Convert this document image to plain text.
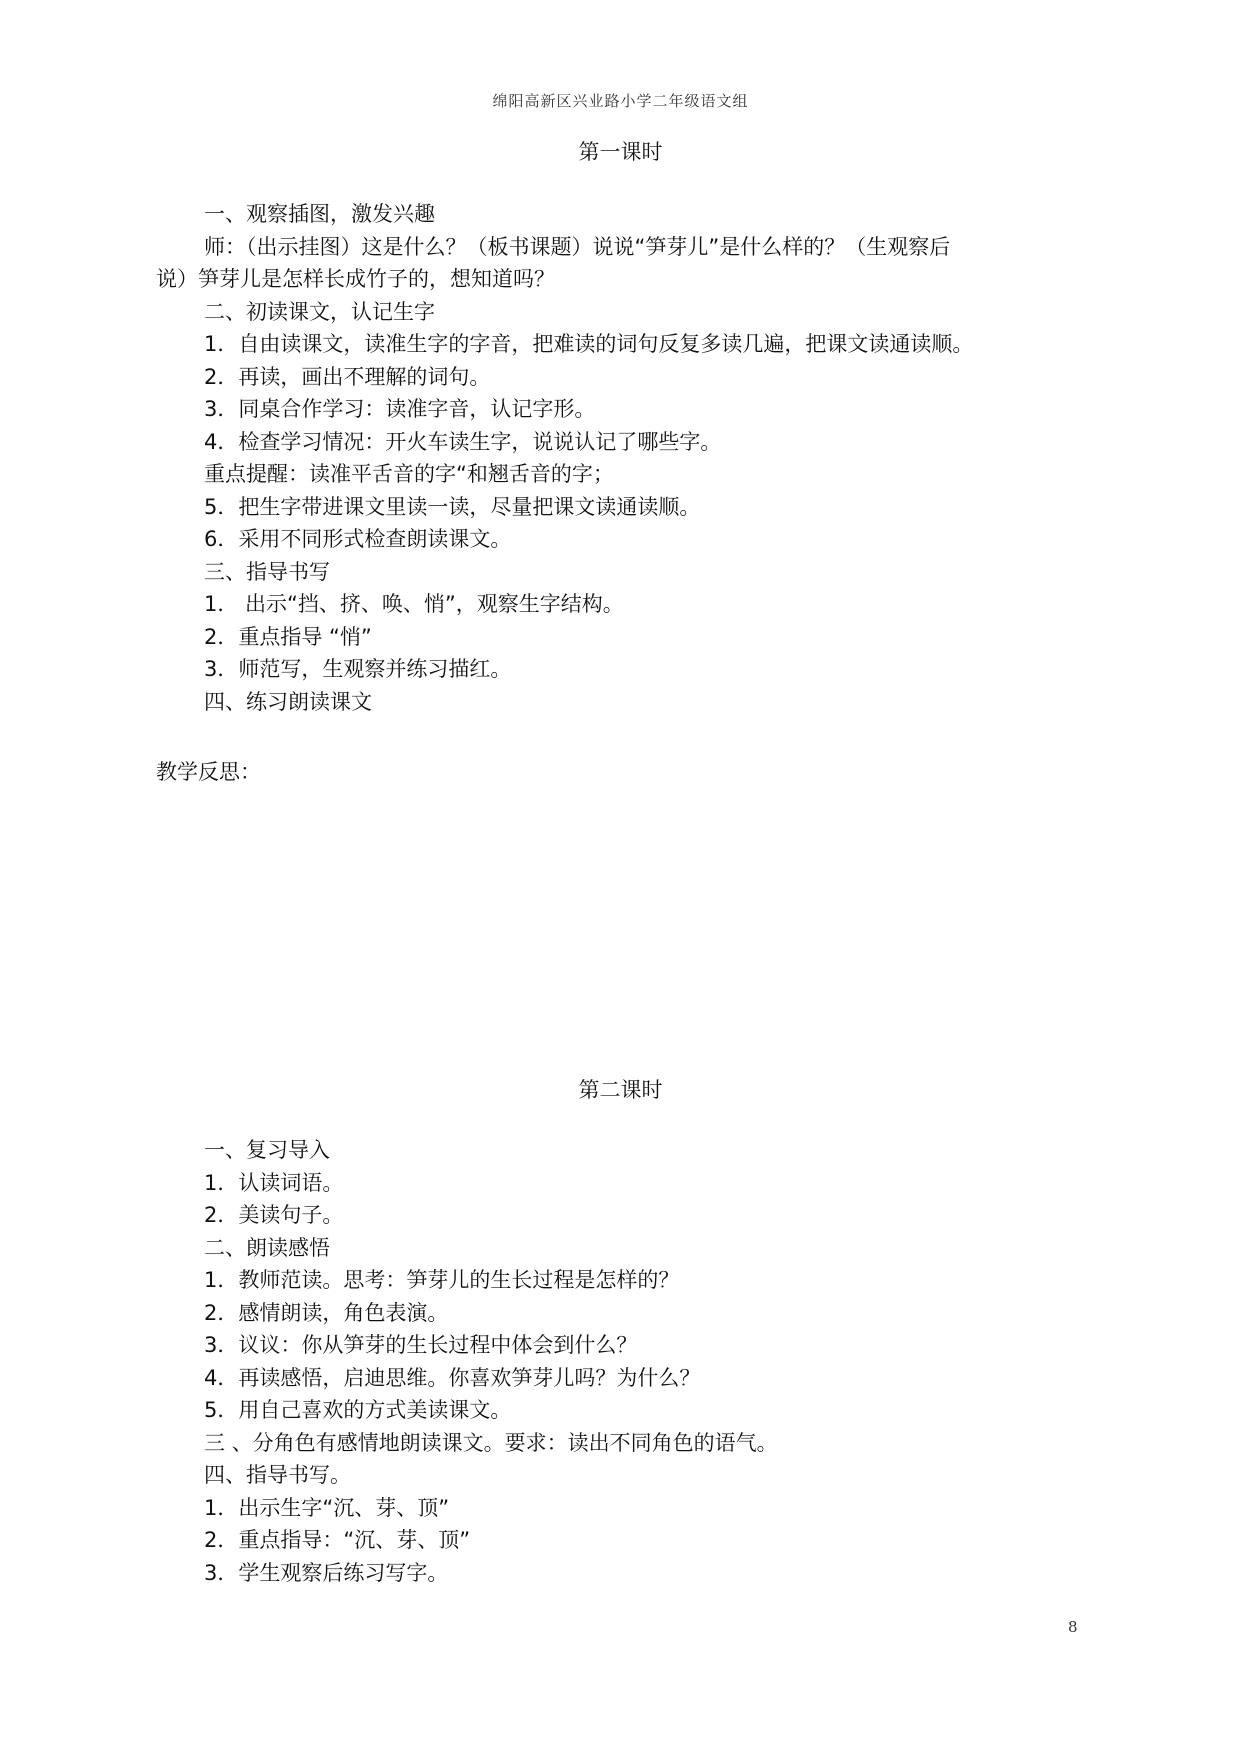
绵阳高新区兴业路小学二年级语文组
第一课时
一、观察插图，激发兴趣
师：（出示挂图）这是什么？（板书课题）说说“笋芽儿”是什么样的？（生观察后
说）笋芽儿是怎样长成竹子的，想知道吗？
二、初读课文，认记生字
1．自由读课文，读准生字的字音，把难读的词句反复多读几遍，把课文读通读顺。
2．再读，画出不理解的词句。
3．同桌合作学习：读准字音，认记字形。
4．检查学习情况：开火车读生字，说说认记了哪些字。
重点提醒：读准平舌音的字“和翘舌音的字；
5．把生字带进课文里读一读，尽量把课文读通读顺。
6．采用不同形式检查朗读课文。
三、指导书写
1． 出示“挡、挤、唤、悄”，观察生字结构。
2．重点指导 “悄”
3．师范写，生观察并练习描红。
四、练习朗读课文
教学反思：
第二课时
一、复习导入
1．认读词语。
2．美读句子。
二、朗读感悟
1．教师范读。思考：笋芽儿的生长过程是怎样的？
2．感情朗读，角色表演。
3．议议：你从笋芽的生长过程中体会到什么？
4．再读感悟，启迪思维。你喜欢笋芽儿吗？为什么？
5．用自己喜欢的方式美读课文。
三 、分角色有感情地朗读课文。要求：读出不同角色的语气。
四、指导书写。
1．出示生字“沉、芽、顶”
2．重点指导：“沉、芽、顶”
3．学生观察后练习写字。
8
